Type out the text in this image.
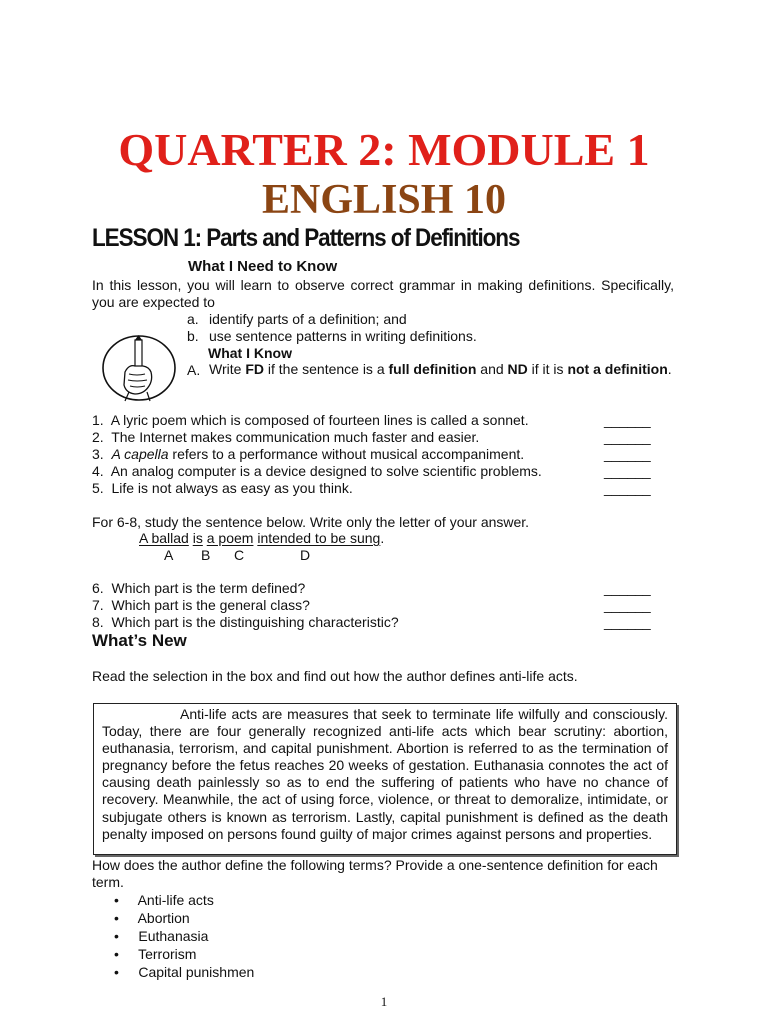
QUARTER 2: MODULE 1
ENGLISH 10
LESSON 1: Parts and Patterns of Definitions
What I Need to Know
In this lesson, you will learn to observe correct grammar in making definitions. Specifically, you are expected to
a. identify parts of a definition; and
b. use sentence patterns in writing definitions.
What I Know
A. Write FD if the sentence is a full definition and ND if it is not a definition.
1. A lyric poem which is composed of fourteen lines is called a sonnet.
2. The Internet makes communication much faster and easier.
3. A capella refers to a performance without musical accompaniment.
4. An analog computer is a device designed to solve scientific problems.
5. Life is not always as easy as you think.
______
______
______
______
______
For 6-8, study the sentence below. Write only the letter of your answer.
A ballad is a poem intended to be sung.
A B C	D
6. Which part is the term defined?
7. Which part is the general class?
8. Which part is the distinguishing characteristic?
______
______
______
What’s New
Read the selection in the box and find out how the author defines anti-life acts.

Anti-life acts are measures that seek to terminate life wilfully and consciously. Today, there are four generally recognized anti-life acts which bear scrutiny: abortion, euthanasia, terrorism, and capital punishment. Abortion is referred to as the termination of pregnancy before the fetus reaches 20 weeks of gestation. Euthanasia connotes the act of causing death painlessly so as to end the suffering of patients who have no chance of recovery. Meanwhile, the act of using force, violence, or threat to demoralize, intimidate, or subjugate others is known as terrorism. Lastly, capital punishment is defined as the death penalty imposed on persons found guilty of major crimes against persons and properties.

How does the author define the following terms? Provide a one-sentence definition for each term.
•     Anti-life acts
•     Abortion
•     Euthanasia
•     Terrorism
•     Capital punishmen
1
